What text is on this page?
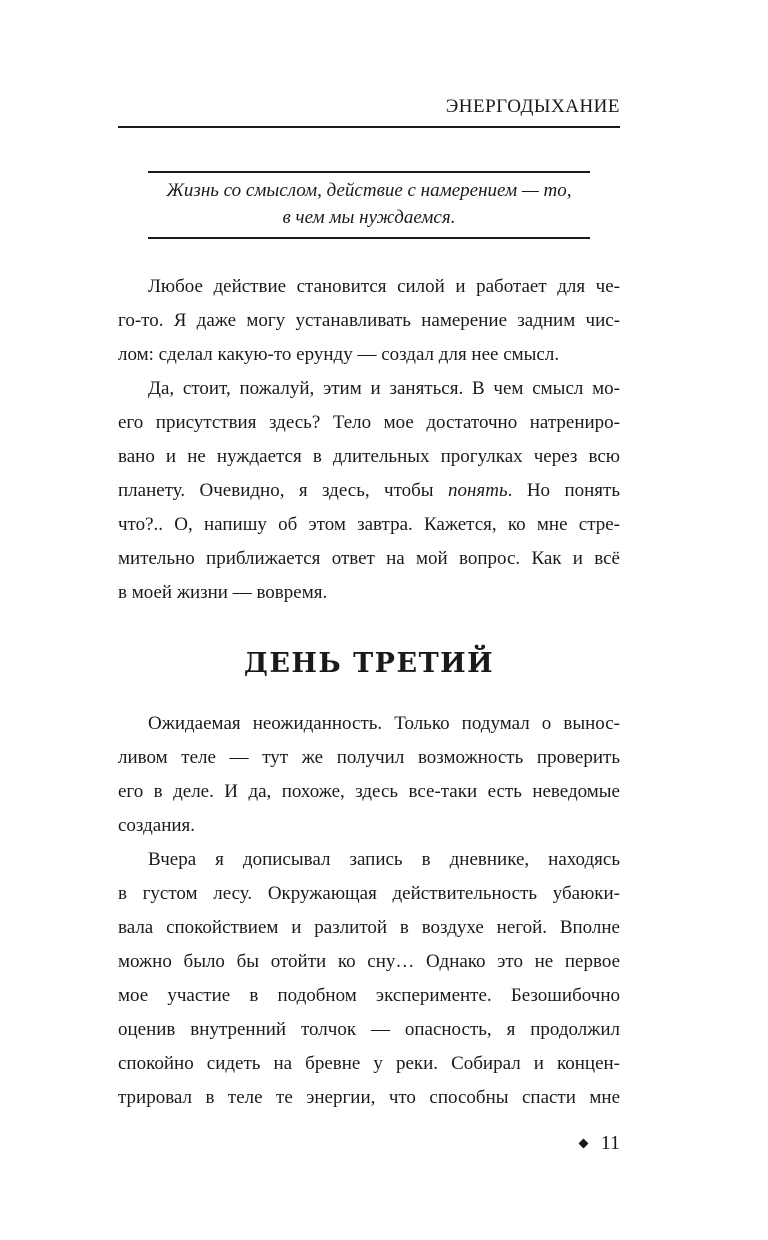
ЭНЕРГОДЫХАНИЕ
Жизнь со смыслом, действие с намерением — то,
в чем мы нуждаемся.
Любое действие становится силой и работает для че-
го-то. Я даже могу устанавливать намерение задним чис-
лом: сделал какую-то ерунду — создал для нее смысл.
Да, стоит, пожалуй, этим и заняться. В чем смысл мо-
его присутствия здесь? Тело мое достаточно натрениро-
вано и не нуждается в длительных прогулках через всю
планету. Очевидно, я здесь, чтобы понять. Но понять
что?.. О, напишу об этом завтра. Кажется, ко мне стре-
мительно приближается ответ на мой вопрос. Как и всё
в моей жизни — вовремя.
ДЕНЬ ТРЕТИЙ
Ожидаемая неожиданность. Только подумал о вынос-
ливом теле — тут же получил возможность проверить
его в деле. И да, похоже, здесь все-таки есть неведомые
создания.
Вчера я дописывал запись в дневнике, находясь
в густом лесу. Окружающая действительность убаюки-
вала спокойствием и разлитой в воздухе негой. Вполне
можно было бы отойти ко сну… Однако это не первое
мое участие в подобном эксперименте. Безошибочно
оценив внутренний толчок — опасность, я продолжил
спокойно сидеть на бревне у реки. Собирал и концен-
трировал в теле те энергии, что способны спасти мне
11
